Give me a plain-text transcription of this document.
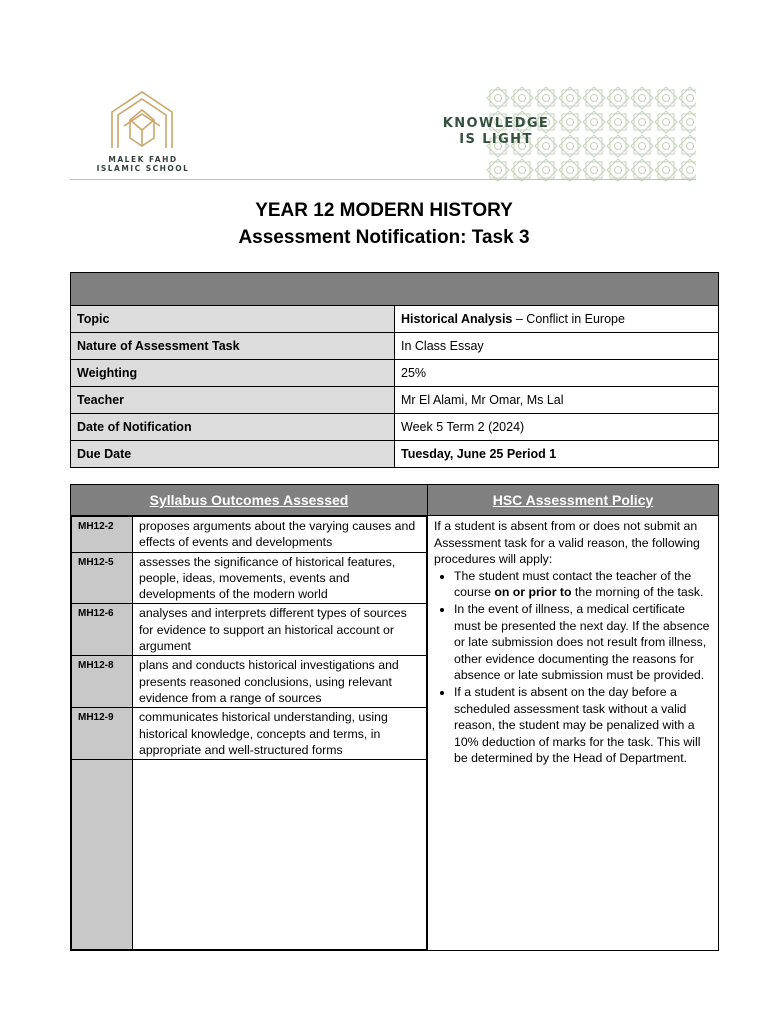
MALEK FAHD
ISLAMIC SCHOOL
KNOWLEDGE
IS LIGHT
YEAR 12 MODERN HISTORY
Assessment Notification: Task 3

Topic	Historical Analysis – Conflict in Europe
Nature of Assessment Task	In Class Essay
Weighting	25%
Teacher	Mr El Alami, Mr Omar, Ms Lal
Date of Notification	Week 5 Term 2 (2024)
Due Date	Tuesday, June 25 Period 1
Syllabus Outcomes Assessed	HSC Assessment Policy

MH12-2	proposes arguments about the varying causes and effects of events and developments
MH12-5	assesses the significance of historical features, people, ideas, movements, events and developments of the modern world
MH12-6	analyses and interprets different types of sources for evidence to support an historical account or argument
MH12-8	plans and conducts historical investigations and presents reasoned conclusions, using relevant evidence from a range of sources
MH12-9	communicates historical understanding, using historical knowledge, concepts and terms, in appropriate and well-structured forms

If a student is absent from or does not submit an Assessment task for a valid reason, the following procedures will apply:
• The student must contact the teacher of the course on or prior to the morning of the task.
• In the event of illness, a medical certificate must be presented the next day. If the absence or late submission does not result from illness, other evidence documenting the reasons for absence or late submission must be provided.
• If a student is absent on the day before a scheduled assessment task without a valid reason, the student may be penalized with a 10% deduction of marks for the task. This will be determined by the Head of Department.
